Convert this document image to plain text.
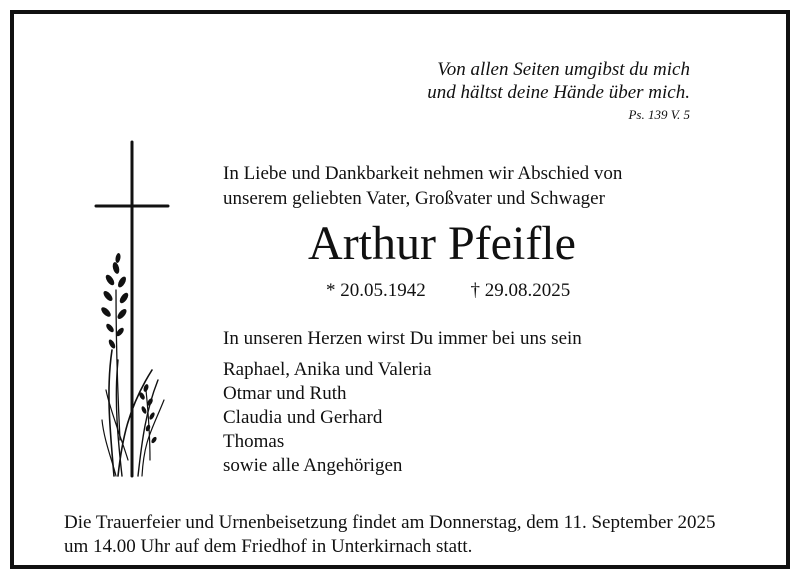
Von allen Seiten umgibst du mich
und hältst deine Hände über mich.
Ps. 139 V. 5
In Liebe und Dankbarkeit nehmen wir Abschied von
unserem geliebten Vater, Großvater und Schwager
Arthur Pfeifle
* 20.05.1942 † 29.08.2025
In unseren Herzen wirst Du immer bei uns sein
Raphael, Anika und Valeria
Otmar und Ruth
Claudia und Gerhard
Thomas
sowie alle Angehörigen
Die Trauerfeier und Urnenbeisetzung findet am Donnerstag, dem 11. September 2025
um 14.00 Uhr auf dem Friedhof in Unterkirnach statt.
